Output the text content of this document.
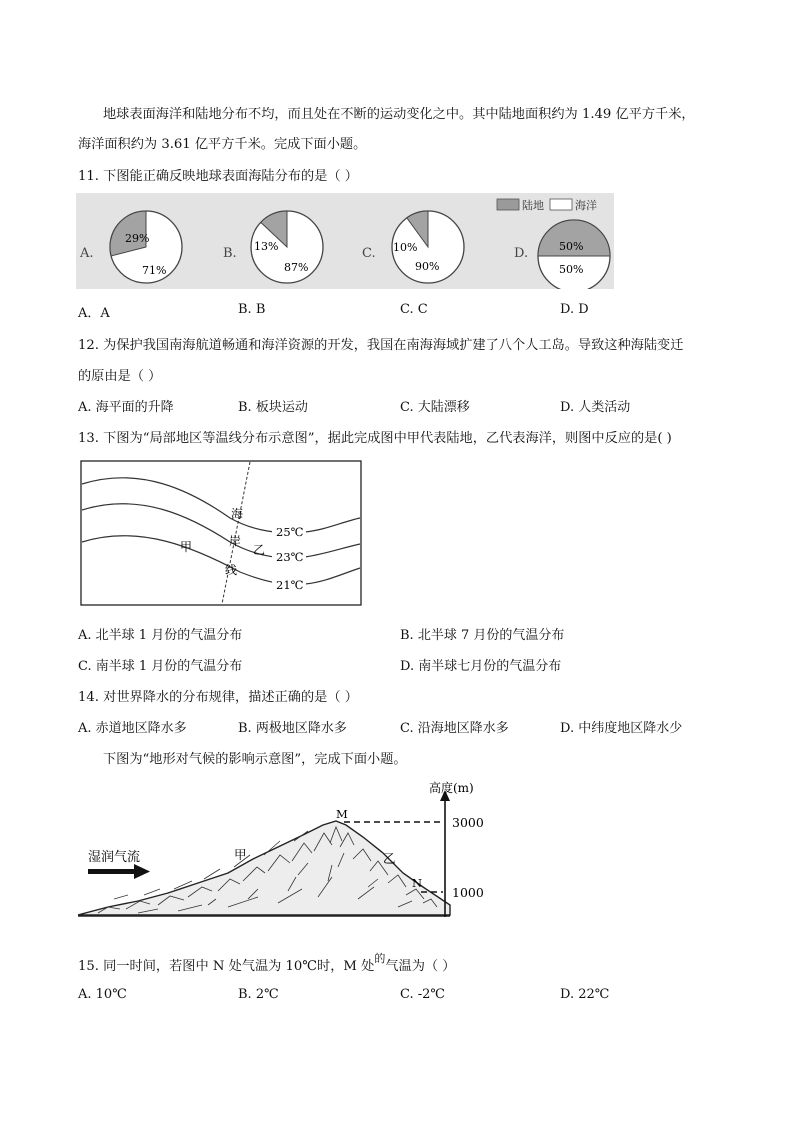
地球表面海洋和陆地分布不均，而且处在不断的运动变化之中。其中陆地面积约为 1.49 亿平方千米，
海洋面积约为 3.61 亿平方千米。完成下面小题。
11. 下图能正确反映地球表面海陆分布的是（ ）
陆地	海洋
A.	B.	C.	D.
29%
71%
13%
87%
10%
90%
50%
50%
A．A	B. B	C. C	D. D
12. 为保护我国南海航道畅通和海洋资源的开发，我国在南海海域扩建了八个人工岛。导致这种海陆变迁
的原由是（ ）
A. 海平面的升降	B. 板块运动	C. 大陆漂移	D. 人类活动
13. 下图为“局部地区等温线分布示意图”，据此完成图中甲代表陆地，乙代表海洋，则图中反应的是( )
海
岸
线
甲	乙
25℃
23℃
21℃
A. 北半球 1 月份的气温分布	B. 北半球 7 月份的气温分布
C. 南半球 1 月份的气温分布	D. 南半球七月份的气温分布
14. 对世界降水的分布规律，描述正确的是（ ）
A. 赤道地区降水多	B. 两极地区降水多	C. 沿海地区降水多	D. 中纬度地区降水少
下图为“地形对气候的影响示意图”，完成下面小题。
高度(m)
3000
1000
M
N
甲	乙
湿润气流
15. 同一时间，若图中 N 处气温为 10℃时，M 处$^的$气温为（ ）
A. 10℃	B. 2℃	C. -2℃	D. 22℃
